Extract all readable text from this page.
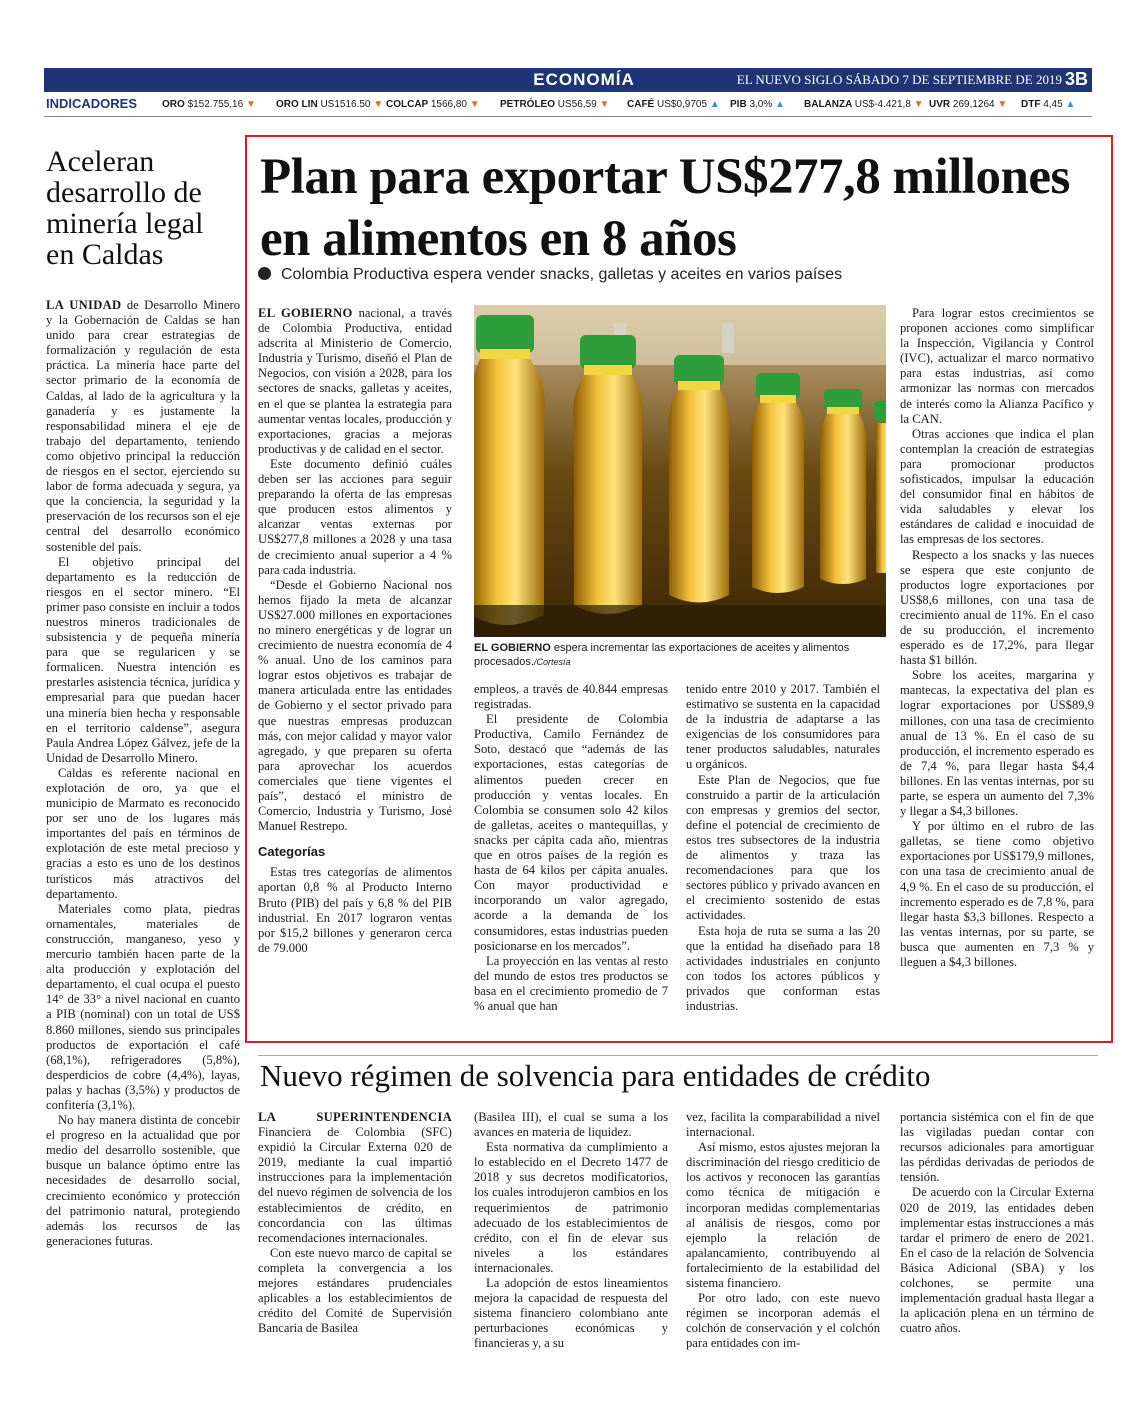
ECONOMÍA	EL NUEVO SIGLO SÁBADO 7 DE SEPTIEMBRE DE 2019 3B
INDICADORES ORO $152.755,16 ▼ ORO LIN US1516.50 ▼ COLCAP 1566,80 ▼ PETRÓLEO US56,59 ▼ CAFÉ US$0,9705 ▲ PIB 3,0% ▲ BALANZA US$-4.421,8 ▼ UVR 269,1264 ▼ DTF 4,45 ▲
Aceleran desarrollo de minería legal en Caldas

LA UNIDAD de Desarrollo Minero y la Gobernación de Caldas se han unido para crear estrategias de formalización y regulación de esta práctica. La minería hace parte del sector primario de la economía de Caldas, al lado de la agricultura y la ganadería y es justamente la responsabilidad minera el eje de trabajo del departamento, teniendo como objetivo principal la reducción de riesgos en el sector, ejerciendo su labor de forma adecuada y segura, ya que la conciencia, la seguridad y la preservación de los recursos son el eje central del desarrollo económico sostenible del país.

El objetivo principal del departamento es la reducción de riesgos en el sector minero. “El primer paso consiste en incluir a todos nuestros mineros tradicionales de subsistencia y de pequeña minería para que se regularicen y se formalicen. Nuestra intención es prestarles asistencia técnica, jurídica y empresarial para que puedan hacer una minería bien hecha y responsable en el territorio caldense”, asegura Paula Andrea López Gálvez, jefe de la Unidad de Desarrollo Minero.

Caldas es referente nacional en explotación de oro, ya que el municipio de Marmato es reconocido por ser uno de los lugares más importantes del país en términos de explotación de este metal precioso y gracias a esto es uno de los destinos turísticos más atractivos del departamento.

Materiales como plata, piedras ornamentales, materiales de construcción, manganeso, yeso y mercurio también hacen parte de la alta producción y explotación del departamento, el cual ocupa el puesto 14° de 33° a nivel nacional en cuanto a PIB (nominal) con un total de US$ 8.860 millones, siendo sus principales productos de exportación el café (68,1%), refrigeradores (5,8%), desperdicios de cobre (4,4%), layas, palas y hachas (3,5%) y productos de confitería (3,1%).

No hay manera distinta de concebir el progreso en la actualidad que por medio del desarrollo sostenible, que busque un balance óptimo entre las necesidades de desarrollo social, crecimiento económico y protección del patrimonio natural, protegiendo además los recursos de las generaciones futuras.

Plan para exportar US$277,8 millones en alimentos en 8 años
Colombia Productiva espera vender snacks, galletas y aceites en varios países
EL GOBIERNO espera incrementar las exportaciones de aceites y alimentos procesados./Cortesía

EL GOBIERNO nacional, a través de Colombia Productiva, entidad adscrita al Ministerio de Comercio, Industria y Turismo, diseñó el Plan de Negocios, con visión a 2028, para los sectores de snacks, galletas y aceites, en el que se plantea la estrategia para aumentar ventas locales, producción y exportaciones, gracias a mejoras productivas y de calidad en el sector.

Este documento definió cuáles deben ser las acciones para seguir preparando la oferta de las empresas que producen estos alimentos y alcanzar ventas externas por US$277,8 millones a 2028 y una tasa de crecimiento anual superior a 4 % para cada industria.

“Desde el Gobierno Nacional nos hemos fijado la meta de alcanzar US$27.000 millones en exportaciones no minero energéticas y de lograr un crecimiento de nuestra economía de 4 % anual. Uno de los caminos para lograr estos objetivos es trabajar de manera articulada entre las entidades de Gobierno y el sector privado para que nuestras empresas produzcan más, con mejor calidad y mayor valor agregado, y que preparen su oferta para aprovechar los acuerdos comerciales que tiene vigentes el país”, destacó el ministro de Comercio, Industria y Turismo, José Manuel Restrepo.

Categorías

Estas tres categorías de alimentos aportan 0,8 % al Producto Interno Bruto (PIB) del país y 6,8 % del PIB industrial. En 2017 lograron ventas por $15,2 billones y generaron cerca de 79.000

empleos, a través de 40.844 empresas registradas.

El presidente de Colombia Productiva, Camilo Fernández de Soto, destacó que “además de las exportaciones, estas categorías de alimentos pueden crecer en producción y ventas locales. En Colombia se consumen solo 42 kilos de galletas, aceites o mantequillas, y snacks per cápita cada año, mientras que en otros países de la región es hasta de 64 kilos per cápita anuales. Con mayor productividad e incorporando un valor agregado, acorde a la demanda de los consumidores, estas industrias pueden posicionarse en los mercados”.

La proyección en las ventas al resto del mundo de estos tres productos se basa en el crecimiento promedio de 7 % anual que han

tenido entre 2010 y 2017. También el estimativo se sustenta en la capacidad de la industria de adaptarse a las exigencias de los consumidores para tener productos saludables, naturales u orgánicos.

Este Plan de Negocios, que fue construido a partir de la articulación con empresas y gremios del sector, define el potencial de crecimiento de estos tres subsectores de la industria de alimentos y traza las recomendaciones para que los sectores público y privado avancen en el crecimiento sostenido de estas actividades.

Esta hoja de ruta se suma a las 20 que la entidad ha diseñado para 18 actividades industriales en conjunto con todos los actores públicos y privados que conforman estas industrias.

Para lograr estos crecimientos se proponen acciones como simplificar la Inspección, Vigilancia y Control (IVC), actualizar el marco normativo para estas industrias, así como armonizar las normas con mercados de interés como la Alianza Pacífico y la CAN.

Otras acciones que indica el plan contemplan la creación de estrategias para promocionar productos sofisticados, impulsar la educación del consumidor final en hábitos de vida saludables y elevar los estándares de calidad e inocuidad de las empresas de los sectores.

Respecto a los snacks y las nueces se espera que este conjunto de productos logre exportaciones por US$8,6 millones, con una tasa de crecimiento anual de 11%. En el caso de su producción, el incremento esperado es de 17,2%, para llegar hasta $1 billón.

Sobre los aceites, margarina y mantecas, la expectativa del plan es lograr exportaciones por US$89,9 millones, con una tasa de crecimiento anual de 13 %. En el caso de su producción, el incremento esperado es de 7,4 %, para llegar hasta $4,4 billones. En las ventas internas, por su parte, se espera un aumento del 7,3% y llegar a $4,3 billones.

Y por último en el rubro de las galletas, se tiene como objetivo exportaciones por US$179,9 millones, con una tasa de crecimiento anual de 4,9 %. En el caso de su producción, el incremento esperado es de 7,8 %, para llegar hasta $3,3 billones. Respecto a las ventas internas, por su parte, se busca que aumenten en 7,3 % y lleguen a $4,3 billones.

Nuevo régimen de solvencia para entidades de crédito

LA SUPERINTENDENCIA Financiera de Colombia (SFC) expidió la Circular Externa 020 de 2019, mediante la cual impartió instrucciones para la implementación del nuevo régimen de solvencia de los establecimientos de crédito, en concordancia con las últimas recomendaciones internacionales.

Con este nuevo marco de capital se completa la convergencia a los mejores estándares prudenciales aplicables a los establecimientos de crédito del Comité de Supervisión Bancaria de Basilea

(Basilea III), el cual se suma a los avances en materia de liquidez.

Esta normativa da cumplimiento a lo establecido en el Decreto 1477 de 2018 y sus decretos modificatorios, los cuales introdujeron cambios en los requerimientos de patrimonio adecuado de los establecimientos de crédito, con el fin de elevar sus niveles a los estándares internacionales.

La adopción de estos lineamientos mejora la capacidad de respuesta del sistema financiero colombiano ante perturbaciones económicas y financieras y, a su

vez, facilita la comparabilidad a nivel internacional.

Así mismo, estos ajustes mejoran la discriminación del riesgo crediticio de los activos y reconocen las garantías como técnica de mitigación e incorporan medidas complementarias al análisis de riesgos, como por ejemplo la relación de apalancamiento, contribuyendo al fortalecimiento de la estabilidad del sistema financiero.

Por otro lado, con este nuevo régimen se incorporan además el colchón de conservación y el colchón para entidades con im-

portancia sistémica con el fin de que las vigiladas puedan contar con recursos adicionales para amortiguar las pérdidas derivadas de periodos de tensión.

De acuerdo con la Circular Externa 020 de 2019, las entidades deben implementar estas instrucciones a más tardar el primero de enero de 2021. En el caso de la relación de Solvencia Básica Adicional (SBA) y los colchones, se permite una implementación gradual hasta llegar a la aplicación plena en un término de cuatro años.
